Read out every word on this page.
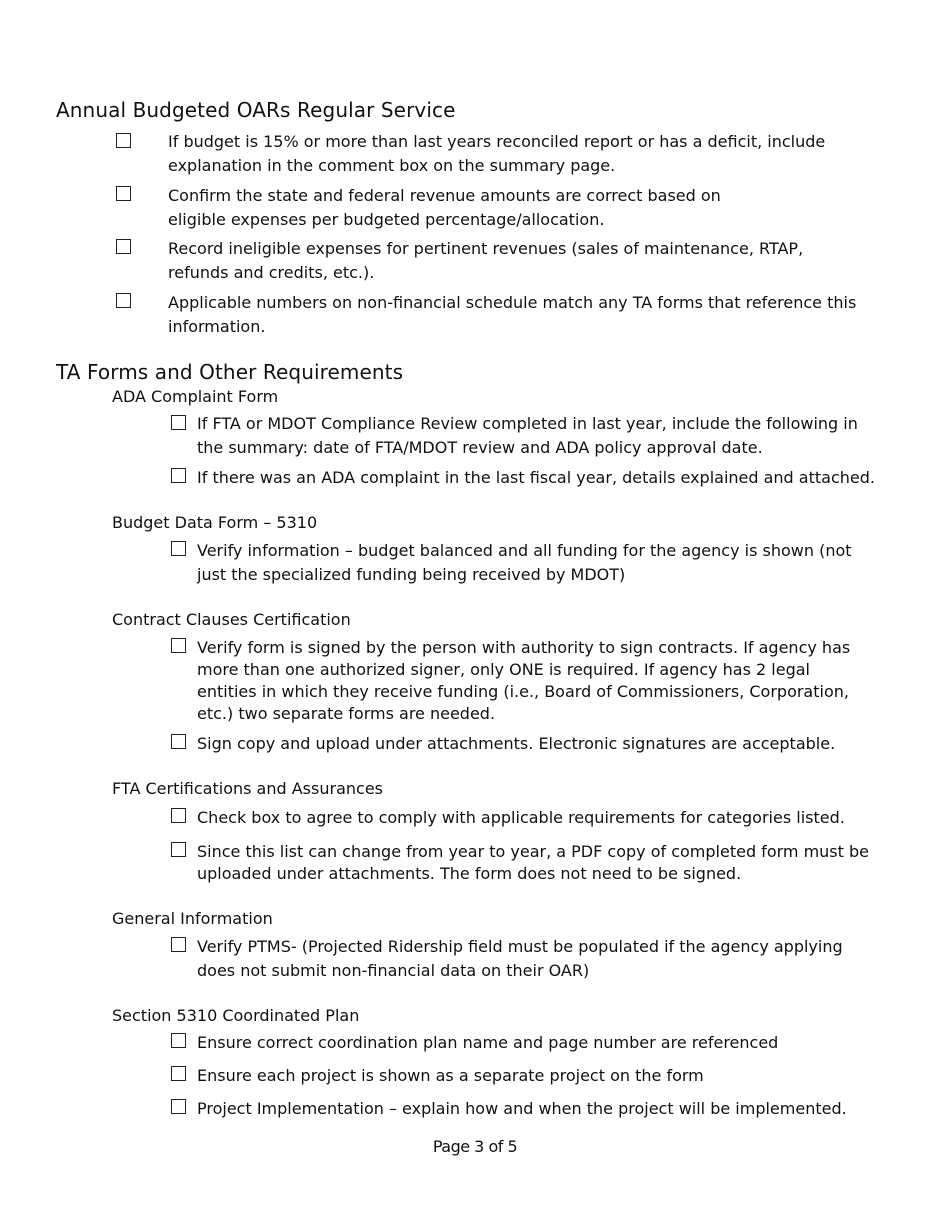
Annual Budgeted OARs Regular Service
If budget is 15% or more than last years reconciled report or has a deficit, include
explanation in the comment box on the summary page.
Confirm the state and federal revenue amounts are correct based on
eligible expenses per budgeted percentage/allocation.
Record ineligible expenses for pertinent revenues (sales of maintenance, RTAP,
refunds and credits, etc.).
Applicable numbers on non-financial schedule match any TA forms that reference this
information.
TA Forms and Other Requirements
ADA Complaint Form
If FTA or MDOT Compliance Review completed in last year, include the following in
the summary: date of FTA/MDOT review and ADA policy approval date.
If there was an ADA complaint in the last fiscal year, details explained and attached.
Budget Data Form – 5310
Verify information – budget balanced and all funding for the agency is shown (not
just the specialized funding being received by MDOT)
Contract Clauses Certification
Verify form is signed by the person with authority to sign contracts. If agency has
more than one authorized signer, only ONE is required. If agency has 2 legal
entities in which they receive funding (i.e., Board of Commissioners, Corporation,
etc.) two separate forms are needed.
Sign copy and upload under attachments. Electronic signatures are acceptable.
FTA Certifications and Assurances
Check box to agree to comply with applicable requirements for categories listed.
Since this list can change from year to year, a PDF copy of completed form must be
uploaded under attachments. The form does not need to be signed.
General Information
Verify PTMS- (Projected Ridership field must be populated if the agency applying
does not submit non-financial data on their OAR)
Section 5310 Coordinated Plan
Ensure correct coordination plan name and page number are referenced
Ensure each project is shown as a separate project on the form
Project Implementation – explain how and when the project will be implemented.
Page 3 of 5
